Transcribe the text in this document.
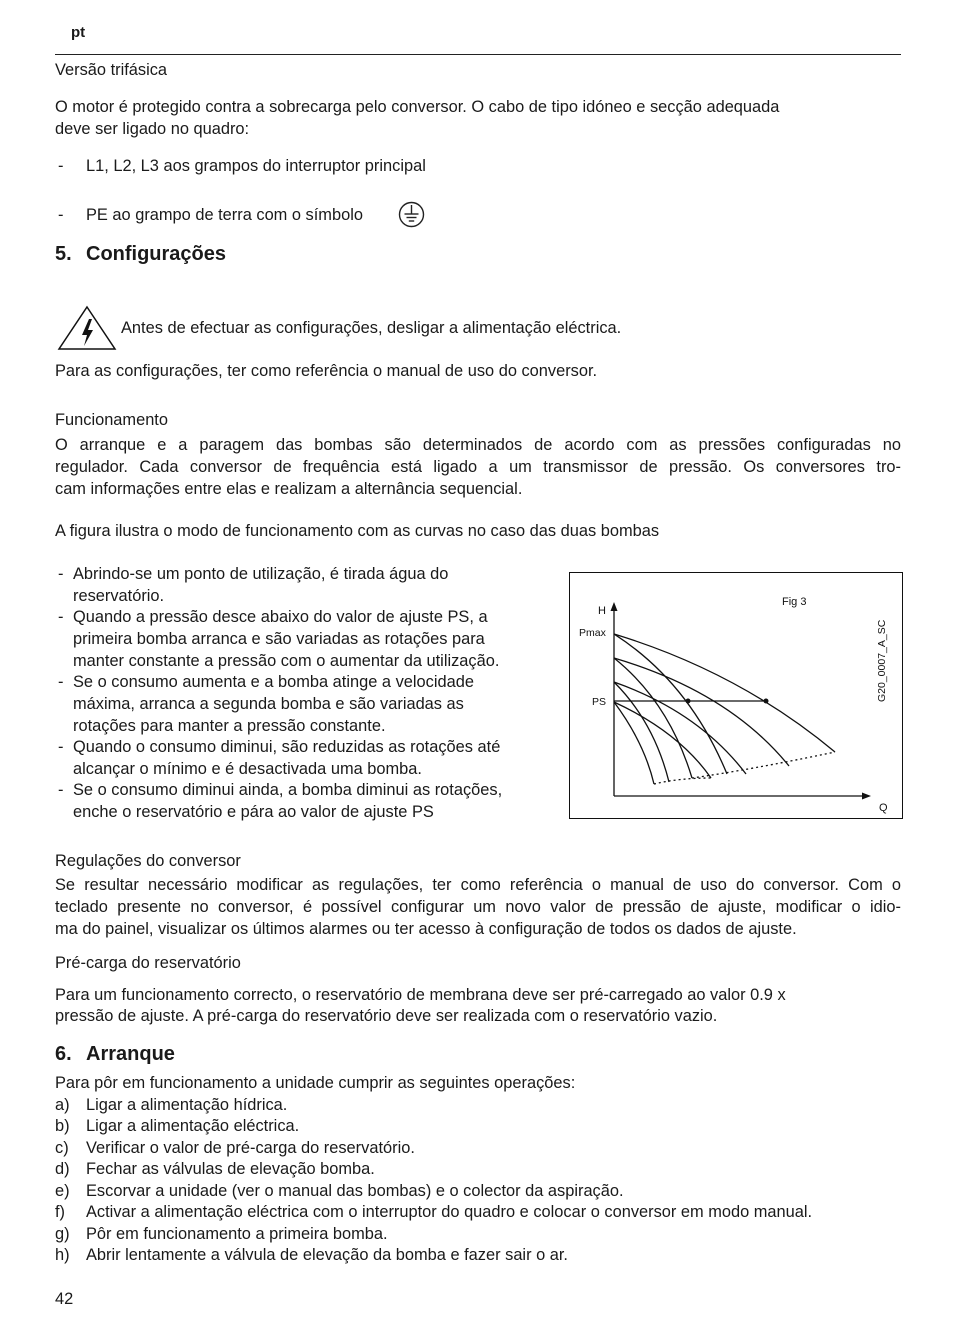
pt
Versão trifásica
O motor é protegido contra a sobrecarga pelo conversor. O cabo de tipo idóneo e secção adequada
deve ser ligado no quadro:
- L1, L2, L3 aos grampos do interruptor principal
- PE ao grampo de terra com o símbolo
5. Configurações
Antes de efectuar as configurações, desligar a alimentação eléctrica.
Para as configurações, ter como referência o manual de uso do conversor.
Funcionamento
O arranque e a paragem das bombas são determinados de acordo com as pressões configuradas no
regulador. Cada conversor de frequência está ligado a um transmissor de pressão. Os conversores tro-
cam informações entre elas e realizam a alternância sequencial.
A figura ilustra o modo de funcionamento com as curvas no caso das duas bombas
- Abrindo-se um ponto de utilização, é tirada água do
reservatório.
- Quando a pressão desce abaixo do valor de ajuste PS, a
primeira bomba arranca e são variadas as rotações para
manter constante a pressão com o aumentar da utilização.
- Se o consumo aumenta e a bomba atinge a velocidade
máxima, arranca a segunda bomba e são variadas as
rotações para manter a pressão constante.
- Quando o consumo diminui, são reduzidas as rotações até
alcançar o mínimo e é desactivada uma bomba.
- Se o consumo diminui ainda, a bomba diminui as rotações,
enche o reservatório e pára ao valor de ajuste PS
H
Pmax
PS
Q
Fig 3
G20_0007_A_SC
Regulações do conversor
Se resultar necessário modificar as regulações, ter como referência o manual de uso do conversor. Com o
teclado presente no conversor, é possível configurar um novo valor de pressão de ajuste, modificar o idio-
ma do painel, visualizar os últimos alarmes ou ter acesso à configuração de todos os dados de ajuste.
Pré-carga do reservatório
Para um funcionamento correcto, o reservatório de membrana deve ser pré-carregado ao valor 0.9 x
pressão de ajuste. A pré-carga do reservatório deve ser realizada com o reservatório vazio.
6. Arranque
Para pôr em funcionamento a unidade cumprir as seguintes operações:
a) Ligar a alimentação hídrica.
b) Ligar a alimentação eléctrica.
c) Verificar o valor de pré-carga do reservatório.
d) Fechar as válvulas de elevação bomba.
e) Escorvar a unidade (ver o manual das bombas) e o colector da aspiração.
f) Activar a alimentação eléctrica com o interruptor do quadro e colocar o conversor em modo manual.
g) Pôr em funcionamento a primeira bomba.
h) Abrir lentamente a válvula de elevação da bomba e fazer sair o ar.
42
